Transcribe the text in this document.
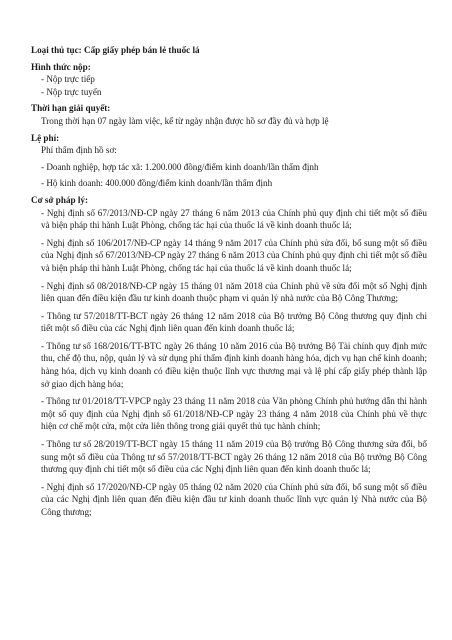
Loại thủ tục: Cấp giấy phép bán lẻ thuốc lá

Hình thức nộp:

- Nộp trực tiếp

- Nộp trực tuyến

Thời hạn giải quyết:

Trong thời hạn 07 ngày làm việc, kể từ ngày nhận được hồ sơ đầy đủ và hợp lệ

Lệ phí:

Phí thẩm định hồ sơ:

- Doanh nghiệp, hợp tác xã: 1.200.000 đồng/điểm kinh doanh/lần thẩm định

- Hộ kinh doanh: 400.000 đồng/điểm kinh doanh/lần thẩm định

Cơ sở pháp lý:

- Nghị định số 67/2013/NĐ-CP ngày 27 tháng 6 năm 2013 của Chính phủ quy định chi tiết một số điều và biện pháp thi hành Luật Phòng, chống tác hại của thuốc lá về kinh doanh thuốc lá;

- Nghị định số 106/2017/NĐ-CP ngày 14 tháng 9 năm 2017 của Chính phủ sửa đổi, bổ sung một số điều của Nghị định số 67/2013/NĐ-CP ngày 27 tháng 6 năm 2013 của Chính phủ quy định chi tiết một số điều và biện pháp thi hành Luật Phòng, chống tác hại của thuốc lá về kinh doanh thuốc lá;

- Nghị định số 08/2018/NĐ-CP ngày 15 tháng 01 năm 2018 của Chính phủ về sửa đổi một số Nghị định liên quan đến điều kiện đầu tư kinh doanh thuộc phạm vi quản lý nhà nước của Bộ Công Thương;

- Thông tư 57/2018/TT-BCT ngày 26 tháng 12 năm 2018 của Bộ trưởng Bộ Công thương quy định chi tiết một số điều của các Nghị định liên quan đến kinh doanh thuốc lá;

- Thông tư số 168/2016/TT-BTC ngày 26 tháng 10 năm 2016 của Bộ trưởng Bộ Tài chính quy định mức thu, chế độ thu, nộp, quản lý và sử dụng phí thẩm định kinh doanh hàng hóa, dịch vụ hạn chế kinh doanh; hàng hóa, dịch vụ kinh doanh có điều kiện thuộc lĩnh vực thương mại và lệ phí cấp giấy phép thành lập sở giao dịch hàng hóa;

- Thông tư 01/2018/TT-VPCP ngày 23 tháng 11 năm 2018 của Văn phòng Chính phủ hướng dẫn thi hành một số quy định của Nghị định số 61/2018/NĐ-CP ngày 23 tháng 4 năm 2018 của Chính phủ về thực hiện cơ chế một cửa, một cửa liên thông trong giải quyết thủ tục hành chính;

- Thông tư số 28/2019/TT-BCT ngày 15 tháng 11 năm 2019 của Bộ trưởng Bộ Công thương sửa đổi, bổ sung một số điều của Thông tư số 57/2018/TT-BCT ngày 26 tháng 12 năm 2018 của Bộ trưởng Bộ Công thương quy định chi tiết một số điều của các Nghị định liên quan đến kinh doanh thuốc lá;

- Nghị định số 17/2020/NĐ-CP ngày 05 tháng 02 năm 2020 của Chính phủ sửa đổi, bổ sung một số điều của các Nghị định liên quan đến điều kiện đầu tư kinh doanh thuốc lĩnh vực quản lý Nhà nước của Bộ Công thương;
